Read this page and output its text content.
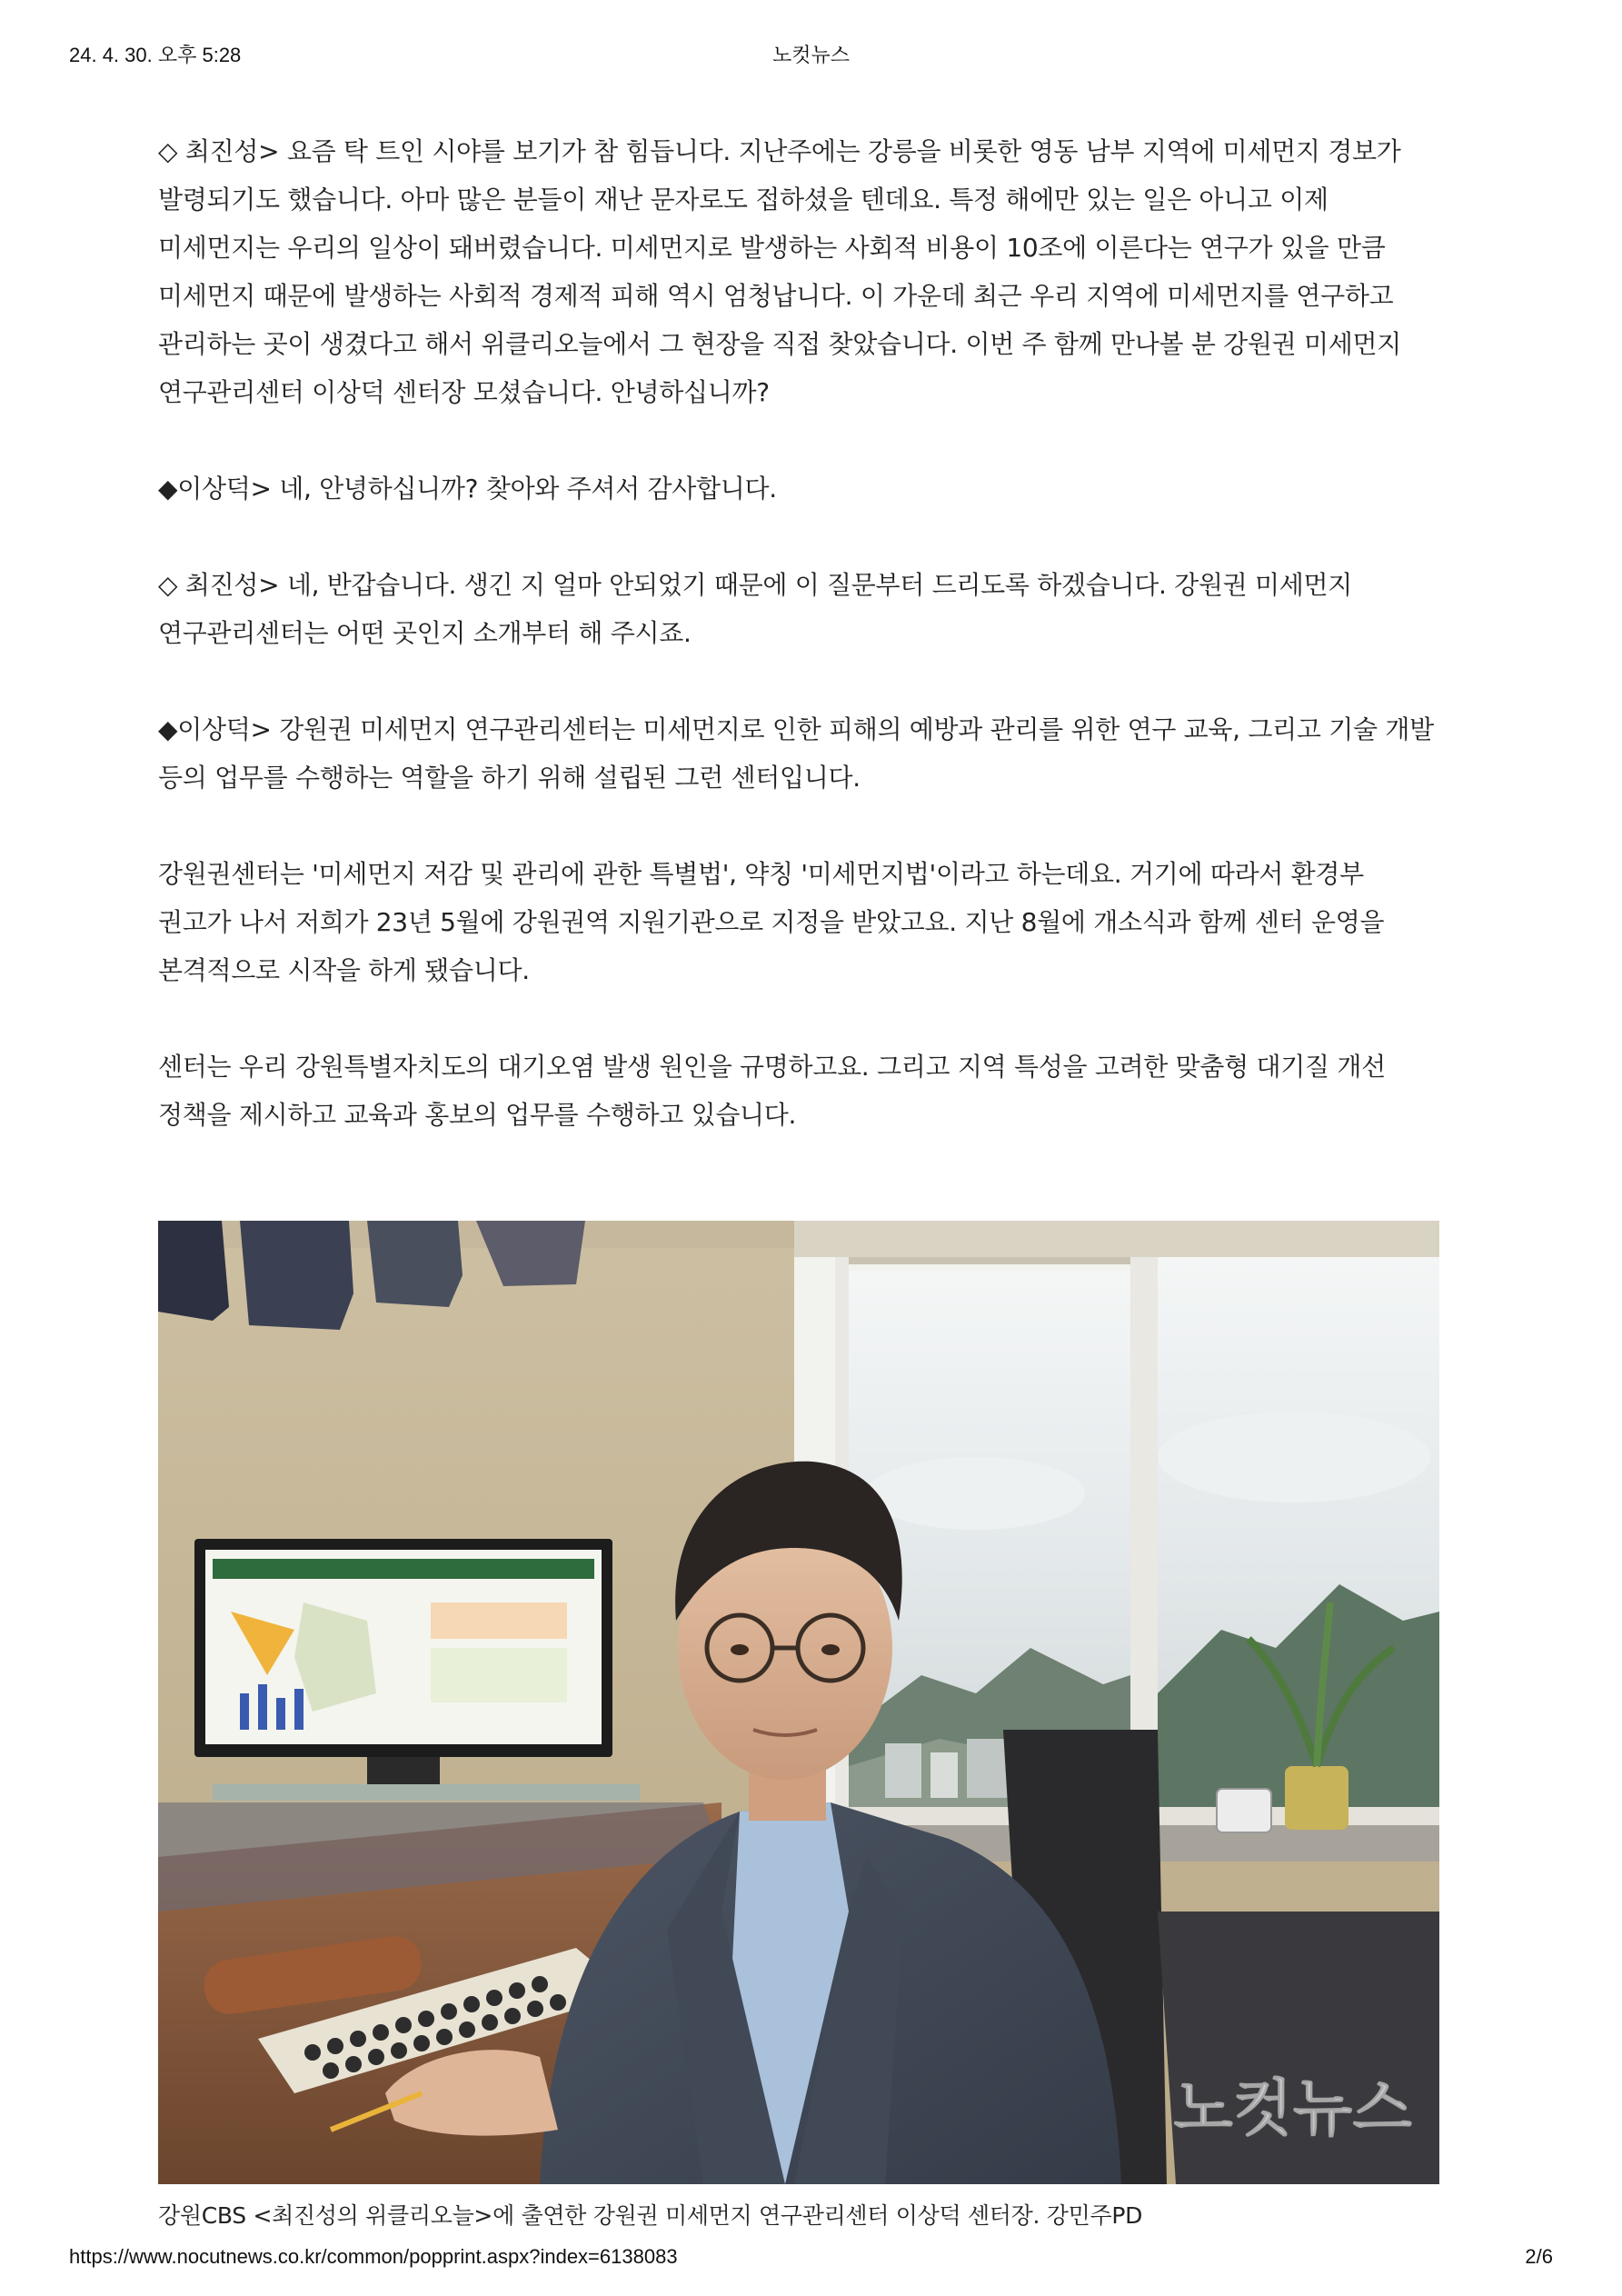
24. 4. 30. 오후 5:28	노컷뉴스

◇ 최진성> 요즘 탁 트인 시야를 보기가 참 힘듭니다. 지난주에는 강릉을 비롯한 영동 남부 지역에 미세먼지 경보가 발령되기도 했습니다. 아마 많은 분들이 재난 문자로도 접하셨을 텐데요. 특정 해에만 있는 일은 아니고 이제 미세먼지는 우리의 일상이 돼버렸습니다. 미세먼지로 발생하는 사회적 비용이 10조에 이른다는 연구가 있을 만큼 미세먼지 때문에 발생하는 사회적 경제적 피해 역시 엄청납니다. 이 가운데 최근 우리 지역에 미세먼지를 연구하고 관리하는 곳이 생겼다고 해서 위클리오늘에서 그 현장을 직접 찾았습니다. 이번 주 함께 만나볼 분 강원권 미세먼지 연구관리센터 이상덕 센터장 모셨습니다. 안녕하십니까?

◆이상덕> 네, 안녕하십니까? 찾아와 주셔서 감사합니다.

◇ 최진성> 네, 반갑습니다. 생긴 지 얼마 안되었기 때문에 이 질문부터 드리도록 하겠습니다. 강원권 미세먼지 연구관리센터는 어떤 곳인지 소개부터 해 주시죠.

◆이상덕> 강원권 미세먼지 연구관리센터는 미세먼지로 인한 피해의 예방과 관리를 위한 연구 교육, 그리고 기술 개발 등의 업무를 수행하는 역할을 하기 위해 설립된 그런 센터입니다.

강원권센터는 '미세먼지 저감 및 관리에 관한 특별법', 약칭 '미세먼지법'이라고 하는데요. 거기에 따라서 환경부 권고가 나서 저희가 23년 5월에 강원권역 지원기관으로 지정을 받았고요. 지난 8월에 개소식과 함께 센터 운영을 본격적으로 시작을 하게 됐습니다.

센터는 우리 강원특별자치도의 대기오염 발생 원인을 규명하고요. 그리고 지역 특성을 고려한 맞춤형 대기질 개선 정책을 제시하고 교육과 홍보의 업무를 수행하고 있습니다.

노컷뉴스

강원CBS <최진성의 위클리오늘>에 출연한 강원권 미세먼지 연구관리센터 이상덕 센터장. 강민주PD

https://www.nocutnews.co.kr/common/popprint.aspx?index=6138083	2/6
